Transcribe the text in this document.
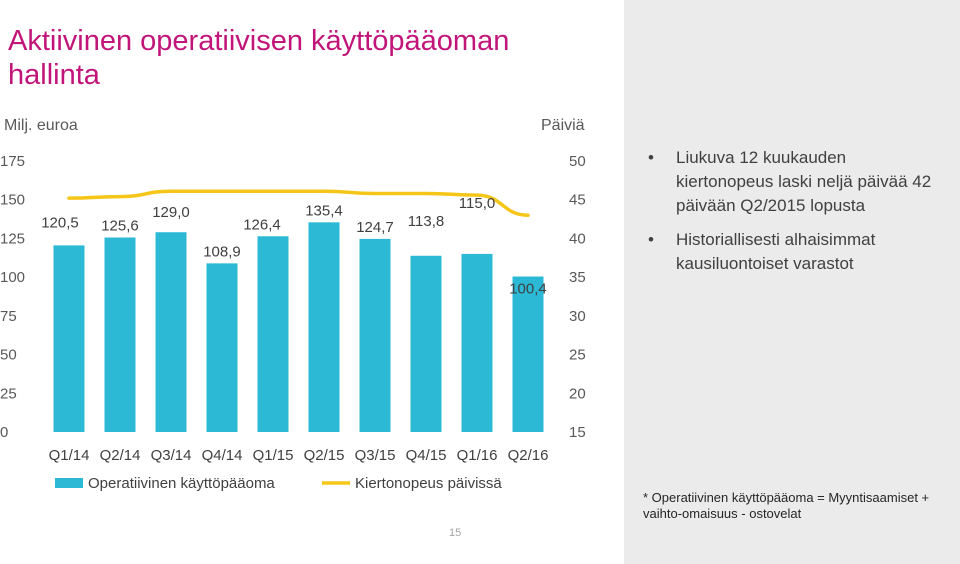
Aktiivinen operatiivisen käyttöpääoman hallinta
Milj. euroa	Päiviä
0
25
50
75
100
125
150
175
15
20
25
30
35
40
45
50
120,5 125,6
129,0
108,9
126,4
135,4
124,7 113,8
115,0
100,4
Q1/14 Q2/14 Q3/14 Q4/14 Q1/15 Q2/15 Q3/15 Q4/15 Q1/16 Q2/16
Operatiivinen käyttöpääoma	Kiertonopeus päivissä
• Liukuva 12 kuukauden kiertonopeus laski neljä päivää 42 päivään Q2/2015 lopusta
• Historiallisesti alhaisimmat kausiluontoiset varastot
* Operatiivinen käyttöpääoma = Myyntisaamiset + vaihto-omaisuus - ostovelat
15
